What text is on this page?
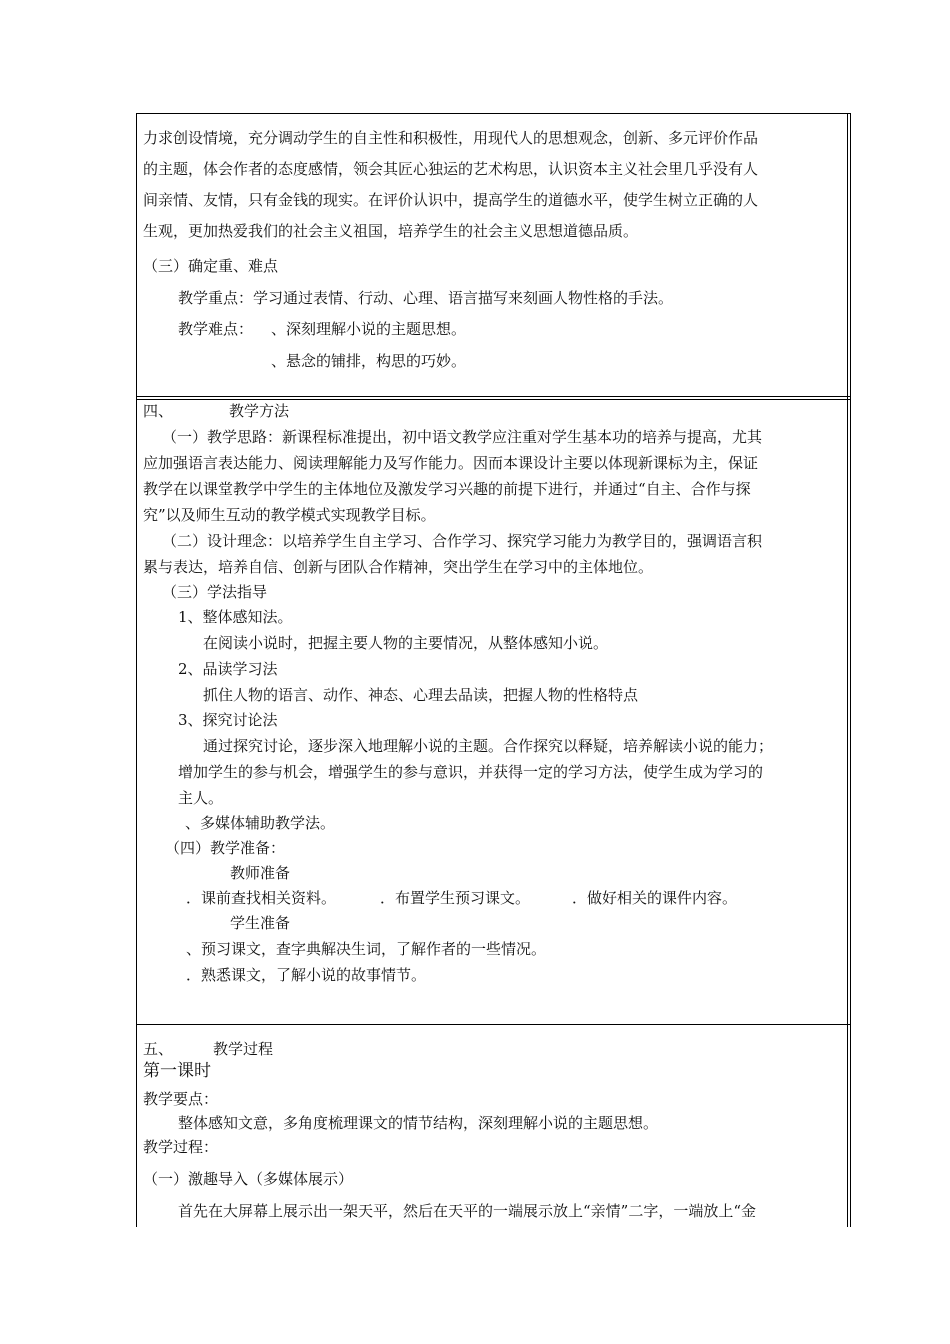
力求创设情境，充分调动学生的自主性和积极性，用现代人的思想观念，创新、多元评价作品
的主题，体会作者的态度感情，领会其匠心独运的艺术构思，认识资本主义社会里几乎没有人
间亲情、友情，只有金钱的现实。在评价认识中，提高学生的道德水平，使学生树立正确的人
生观，更加热爱我们的社会主义祖国，培养学生的社会主义思想道德品质。
（三）确定重、难点
教学重点：学习通过表情、行动、心理、语言描写来刻画人物性格的手法。
教学难点： 、深刻理解小说的主题思想。
、悬念的铺排，构思的巧妙。
四、	教学方法
（一）教学思路：新课程标准提出，初中语文教学应注重对学生基本功的培养与提高，尤其
应加强语言表达能力、阅读理解能力及写作能力。因而本课设计主要以体现新课标为主，保证
教学在以课堂教学中学生的主体地位及激发学习兴趣的前提下进行，并通过“自主、合作与探
究”以及师生互动的教学模式实现教学目标。
（二）设计理念：以培养学生自主学习、合作学习、探究学习能力为教学目的，强调语言积
累与表达，培养自信、创新与团队合作精神，突出学生在学习中的主体地位。
（三）学法指导
1、整体感知法。
在阅读小说时，把握主要人物的主要情况，从整体感知小说。
2、品读学习法
抓住人物的语言、动作、神态、心理去品读，把握人物的性格特点
3、探究讨论法
通过探究讨论，逐步深入地理解小说的主题。合作探究以释疑，培养解读小说的能力；
增加学生的参与机会，增强学生的参与意识，并获得一定的学习方法，使学生成为学习的
主人。
、多媒体辅助教学法。
（四）教学准备：
教师准备
．课前查找相关资料。	．布置学生预习课文。	．做好相关的课件内容。
学生准备
、预习课文，查字典解决生词，了解作者的一些情况。
．熟悉课文，了解小说的故事情节。
五、	教学过程
第一课时
教学要点：
整体感知文意，多角度梳理课文的情节结构，深刻理解小说的主题思想。
教学过程：
（一）激趣导入（多媒体展示）
首先在大屏幕上展示出一架天平，然后在天平的一端展示放上“亲情”二字，一端放上“金
